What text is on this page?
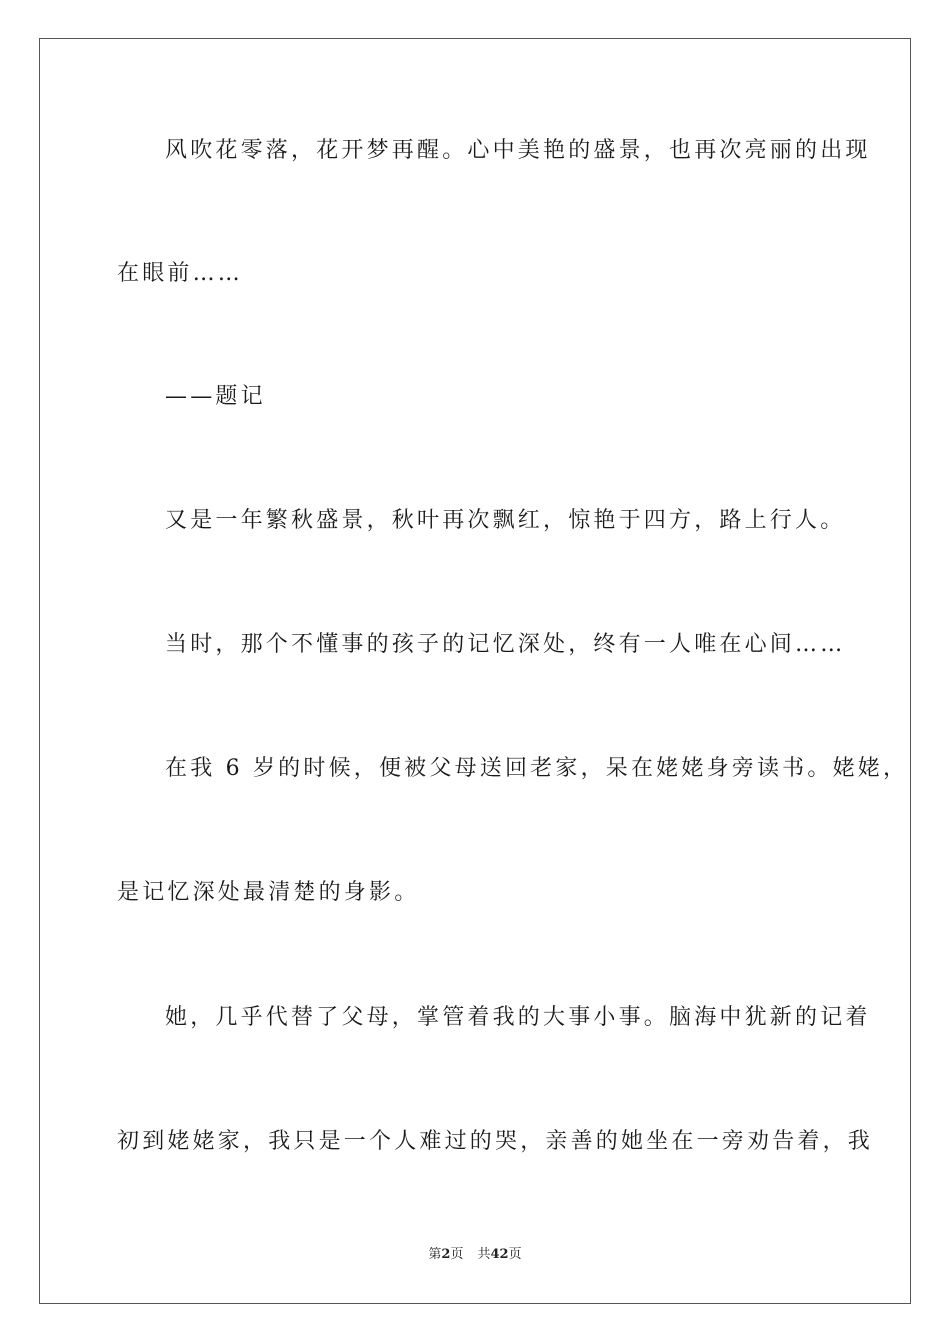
风吹花零落，花开梦再醒。心中美艳的盛景，也再次亮丽的出现
在眼前……
——题记
又是一年繁秋盛景，秋叶再次飘红，惊艳于四方，路上行人。
当时，那个不懂事的孩子的记忆深处，终有一人唯在心间……
在我 6 岁的时候，便被父母送回老家，呆在姥姥身旁读书。姥姥，
是记忆深处最清楚的身影。
她，几乎代替了父母，掌管着我的大事小事。脑海中犹新的记着
初到姥姥家，我只是一个人难过的哭，亲善的她坐在一旁劝告着，我
第2页 共42页
